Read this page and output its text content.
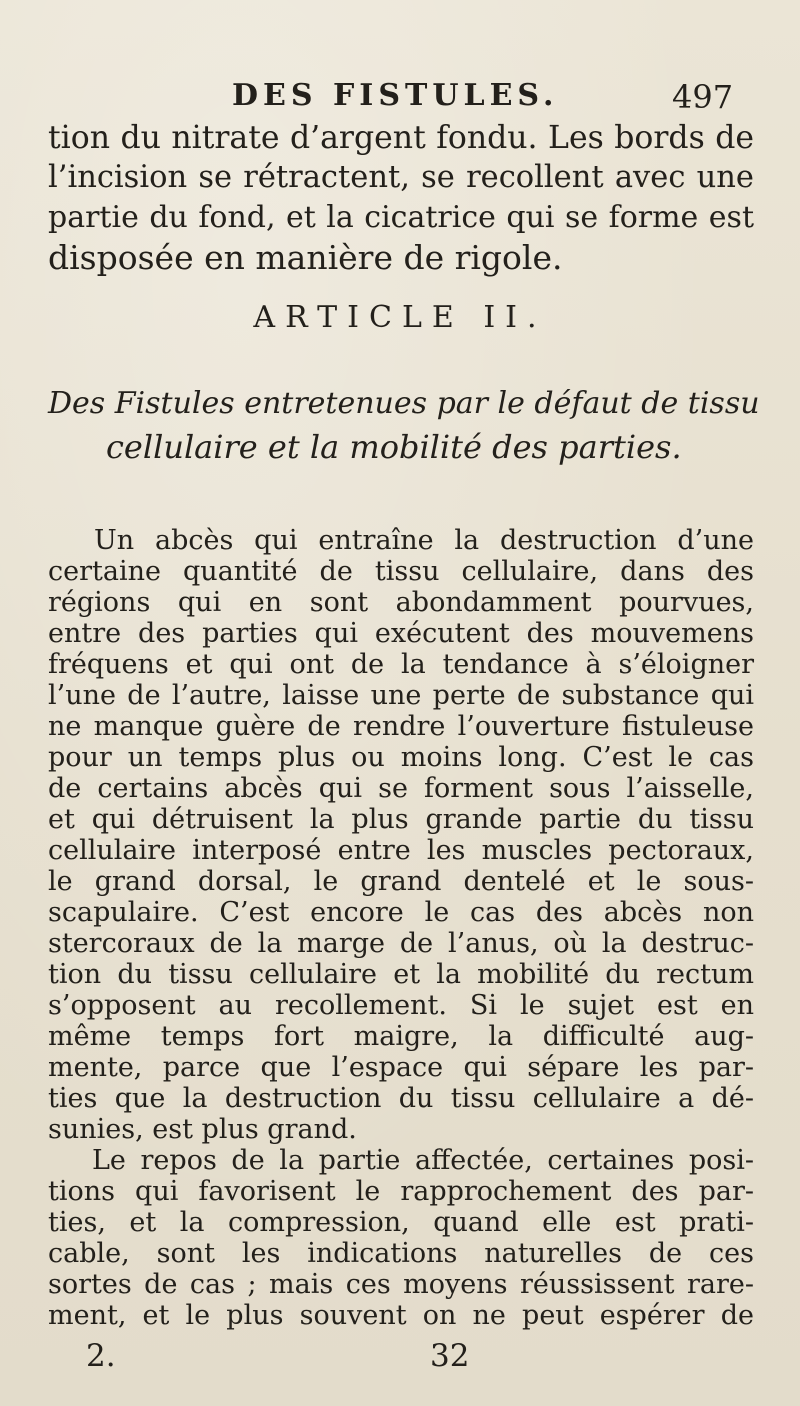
DES FISTULES.	497
tion du nitrate d’argent fondu. Les bords de
l’incision se rétractent, se recollent avec une
partie du fond, et la cicatrice qui se forme est
disposée en manière de rigole.
ARTICLE II.
Des Fistules entretenues par le défaut de tissu
cellulaire et la mobilité des parties.
Un abcès qui entraîne la destruction d’une
certaine quantité de tissu cellulaire, dans des
régions qui en sont abondamment pourvues,
entre des parties qui exécutent des mouvemens
fréquens et qui ont de la tendance à s’éloigner
l’une de l’autre, laisse une perte de substance qui
ne manque guère de rendre l’ouverture fistuleuse
pour un temps plus ou moins long. C’est le cas
de certains abcès qui se forment sous l’aisselle,
et qui détruisent la plus grande partie du tissu
cellulaire interposé entre les muscles pectoraux,
le grand dorsal, le grand dentelé et le sous-
scapulaire. C’est encore le cas des abcès non
stercoraux de la marge de l’anus, où la destruc-
tion du tissu cellulaire et la mobilité du rectum
s’opposent au recollement. Si le sujet est en
même temps fort maigre, la difficulté aug-
mente, parce que l’espace qui sépare les par-
ties que la destruction du tissu cellulaire a dé-
sunies, est plus grand.
Le repos de la partie affectée, certaines posi-
tions qui favorisent le rapprochement des par-
ties, et la compression, quand elle est prati-
cable, sont les indications naturelles de ces
sortes de cas ; mais ces moyens réussissent rare-
ment, et le plus souvent on ne peut espérer de
2.	32
